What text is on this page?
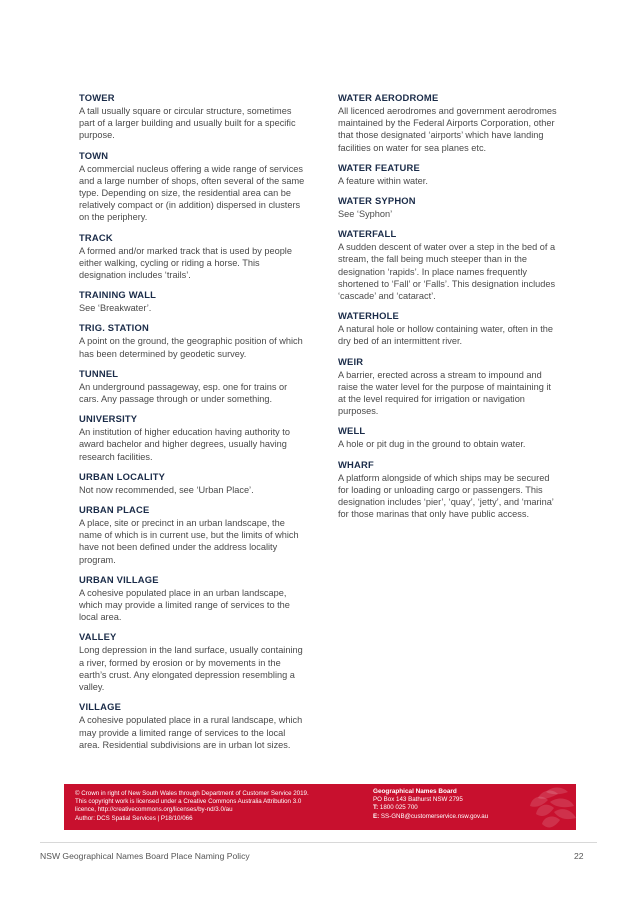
TOWER
A tall usually square or circular structure, sometimes part of a larger building and usually built for a specific purpose.
TOWN
A commercial nucleus offering a wide range of services and a large number of shops, often several of the same type. Depending on size, the residential area can be relatively compact or (in addition) dispersed in clusters on the periphery.
TRACK
A formed and/or marked track that is used by people either walking, cycling or riding a horse. This designation includes ‘trails’.
TRAINING WALL
See ‘Breakwater’.
TRIG. STATION
A point on the ground, the geographic position of which has been determined by geodetic survey.
TUNNEL
An underground passageway, esp. one for trains or cars. Any passage through or under something.
UNIVERSITY
An institution of higher education having authority to award bachelor and higher degrees, usually having research facilities.
URBAN LOCALITY
Not now recommended, see ‘Urban Place’.
URBAN PLACE
A place, site or precinct in an urban landscape, the name of which is in current use, but the limits of which have not been defined under the address locality program.
URBAN VILLAGE
A cohesive populated place in an urban landscape, which may provide a limited range of services to the local area.
VALLEY
Long depression in the land surface, usually containing a river, formed by erosion or by movements in the earth’s crust. Any elongated depression resembling a valley.
VILLAGE
A cohesive populated place in a rural landscape, which may provide a limited range of services to the local area. Residential subdivisions are in urban lot sizes.
WATER AERODROME
All licenced aerodromes and government aerodromes maintained by the Federal Airports Corporation, other that those designated ‘airports’ which have landing facilities on water for sea planes etc.
WATER FEATURE
A feature within water.
WATER SYPHON
See ‘Syphon’
WATERFALL
A sudden descent of water over a step in the bed of a stream, the fall being much steeper than in the designation ‘rapids’. In place names frequently shortened to ‘Fall’ or ‘Falls’. This designation includes ‘cascade’ and ‘cataract’.
WATERHOLE
A natural hole or hollow containing water, often in the dry bed of an intermittent river.
WEIR
A barrier, erected across a stream to impound and raise the water level for the purpose of maintaining it at the level required for irrigation or navigation purposes.
WELL
A hole or pit dug in the ground to obtain water.
WHARF
A platform alongside of which ships may be secured for loading or unloading cargo or passengers. This designation includes ‘pier’, ‘quay’, ‘jetty’, and ‘marina’ for those marinas that only have public access.
© Crown in right of New South Wales through Department of Customer Service 2019.
This copyright work is licensed under a Creative Commons Australia Attribution 3.0
licence, http://creativecommons.org/licenses/by-nd/3.0/au
Author: DCS Spatial Services | P18/10/066
Geographical Names Board
PO Box 143 Bathurst NSW 2795
T: 1800 025 700
E: SS-GNB@customerservice.nsw.gov.au
NSW Geographical Names Board Place Naming Policy	22
